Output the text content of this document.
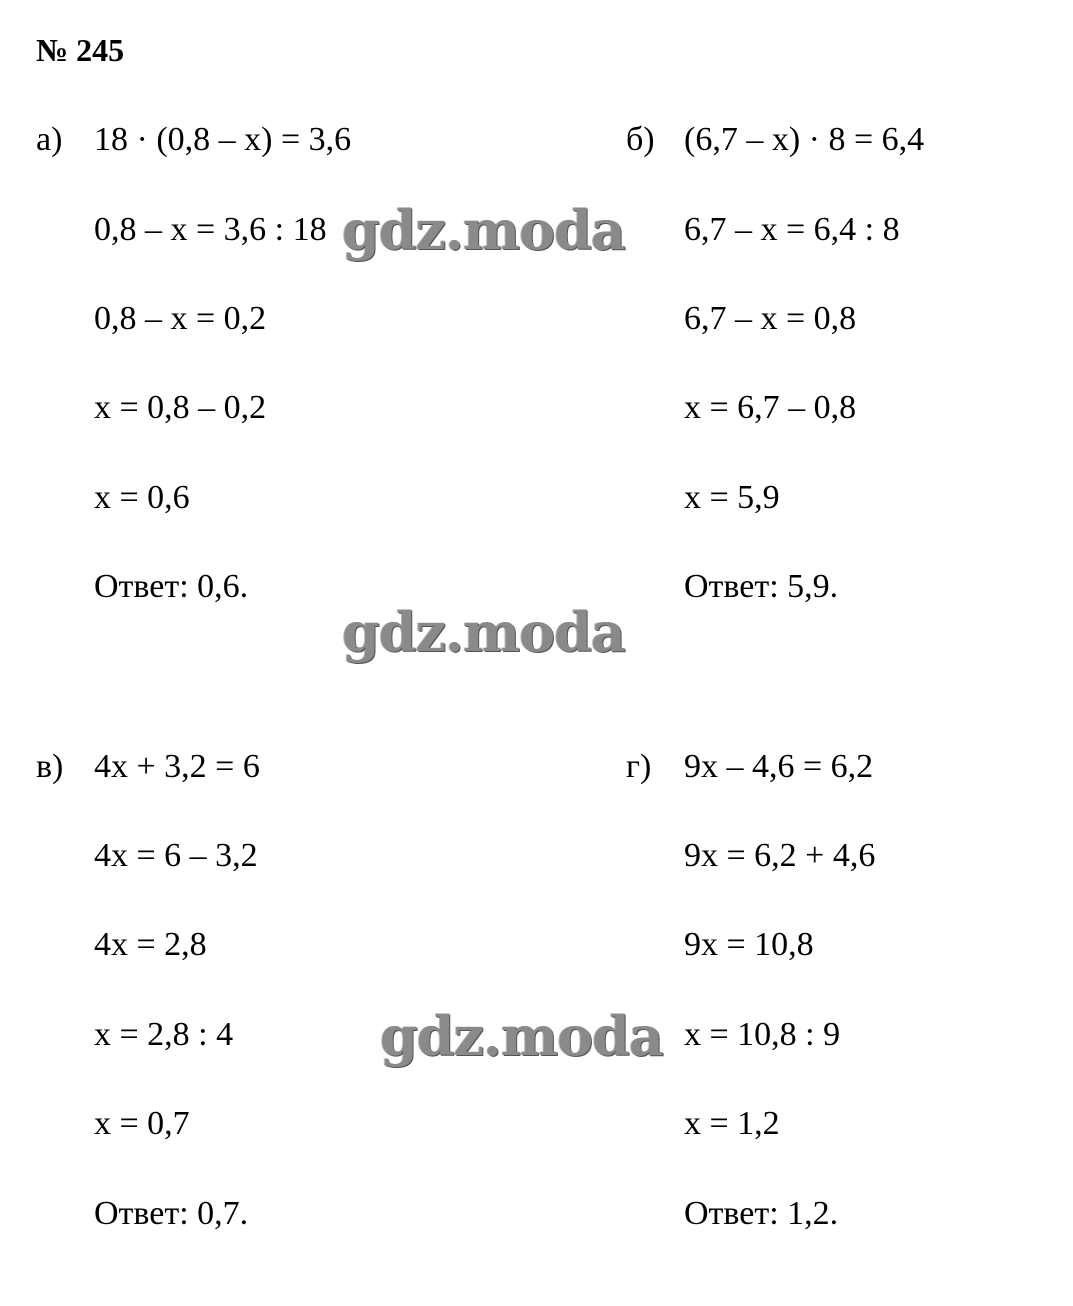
№ 245
а) 18 · (0,8 – x) = 3,6
0,8 – x = 3,6 : 18
0,8 – x = 0,2
x = 0,8 – 0,2
x = 0,6
Ответ: 0,6.
б) (6,7 – x) · 8 = 6,4
6,7 – x = 6,4 : 8
6,7 – x = 0,8
x = 6,7 – 0,8
x = 5,9
Ответ: 5,9.
в) 4x + 3,2 = 6
4x = 6 – 3,2
4x = 2,8
x = 2,8 : 4
x = 0,7
Ответ: 0,7.
г) 9x – 4,6 = 6,2
9x = 6,2 + 4,6
9x = 10,8
x = 10,8 : 9
x = 1,2
Ответ: 1,2.
gdz.moda
gdz.moda
gdz.moda
